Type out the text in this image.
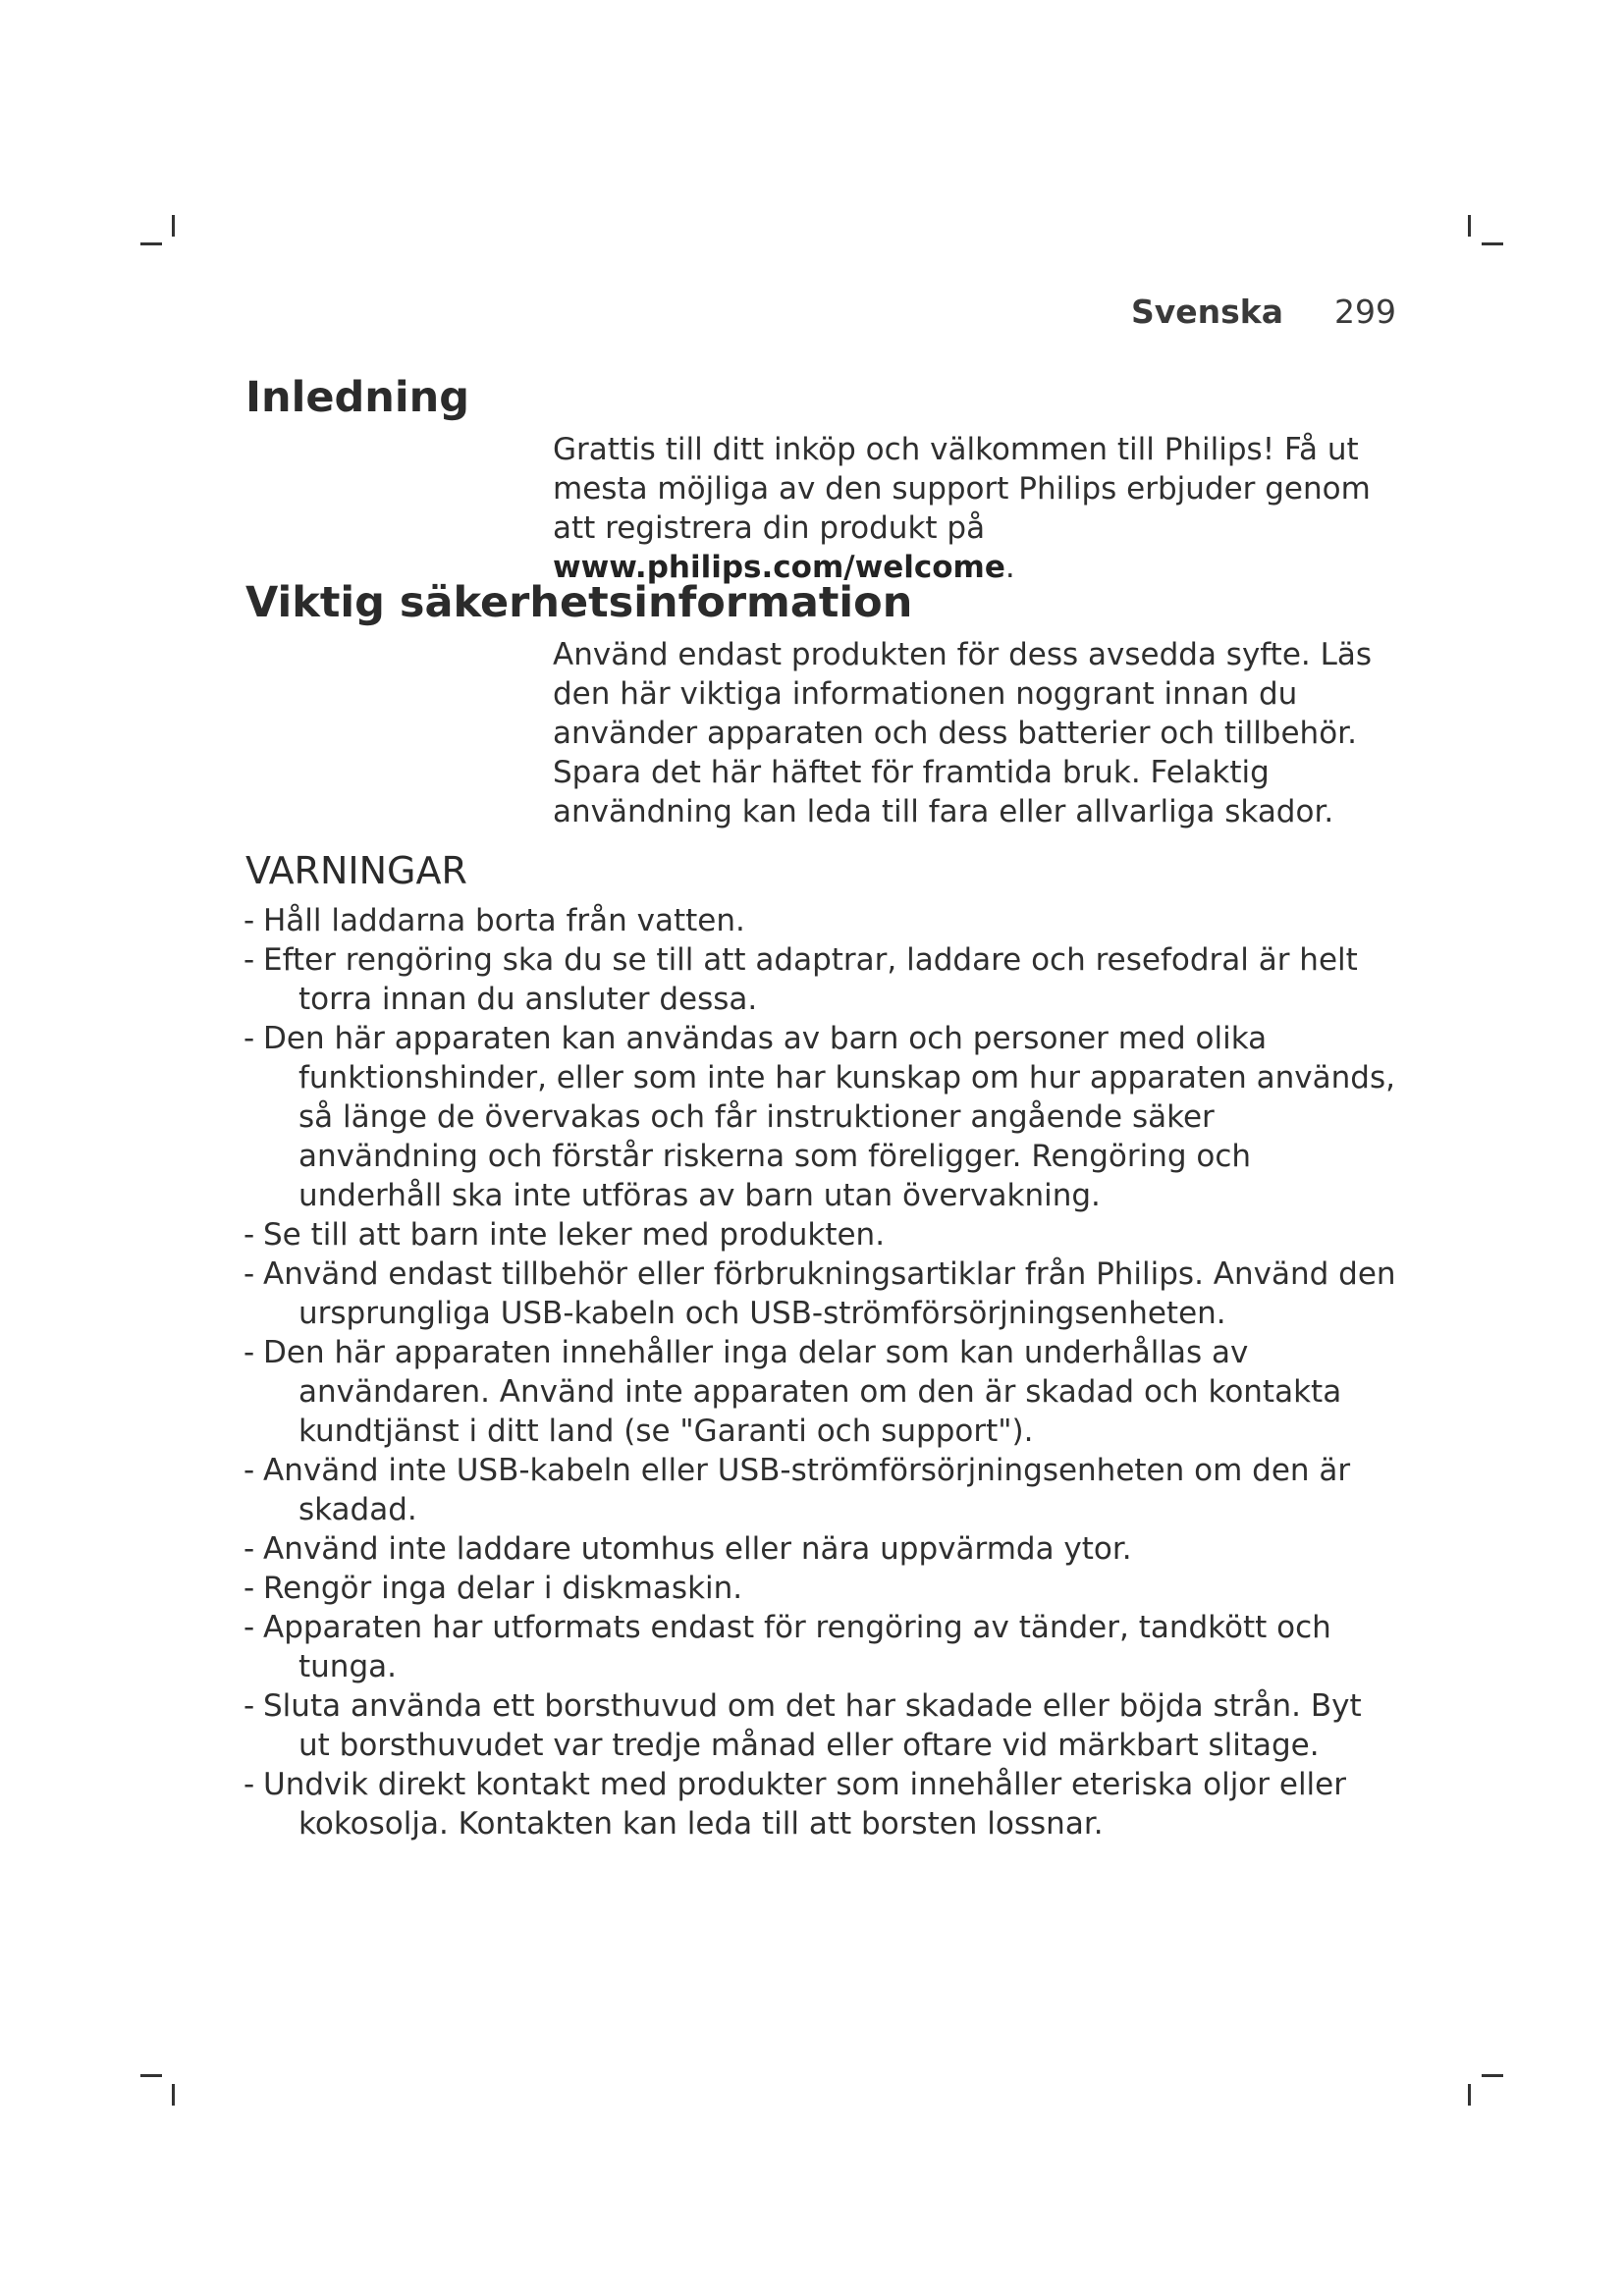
Svenska 299
Inledning

Grattis till ditt inköp och välkommen till Philips! Få ut mesta möjliga av den support Philips erbjuder genom att registrera din produkt på www.philips.com/welcome.

Viktig säkerhetsinformation

Använd endast produkten för dess avsedda syfte. Läs den här viktiga informationen noggrant innan du använder apparaten och dess batterier och tillbehör. Spara det här häftet för framtida bruk. Felaktig användning kan leda till fara eller allvarliga skador.

VARNINGAR
- Håll laddarna borta från vatten.
- Efter rengöring ska du se till att adaptrar, laddare och resefodral är helt torra innan du ansluter dessa.
- Den här apparaten kan användas av barn och personer med olika funktionshinder, eller som inte har kunskap om hur apparaten används, så länge de övervakas och får instruktioner angående säker användning och förstår riskerna som föreligger. Rengöring och underhåll ska inte utföras av barn utan övervakning.
- Se till att barn inte leker med produkten.
- Använd endast tillbehör eller förbrukningsartiklar från Philips. Använd den ursprungliga USB-kabeln och USB-strömförsörjningsenheten.
- Den här apparaten innehåller inga delar som kan underhållas av användaren. Använd inte apparaten om den är skadad och kontakta kundtjänst i ditt land (se "Garanti och support").
- Använd inte USB-kabeln eller USB-strömförsörjningsenheten om den är skadad.
- Använd inte laddare utomhus eller nära uppvärmda ytor.
- Rengör inga delar i diskmaskin.
- Apparaten har utformats endast för rengöring av tänder, tandkött och tunga.
- Sluta använda ett borsthuvud om det har skadade eller böjda strån. Byt ut borsthuvudet var tredje månad eller oftare vid märkbart slitage.
- Undvik direkt kontakt med produkter som innehåller eteriska oljor eller kokosolja. Kontakten kan leda till att borsten lossnar.
